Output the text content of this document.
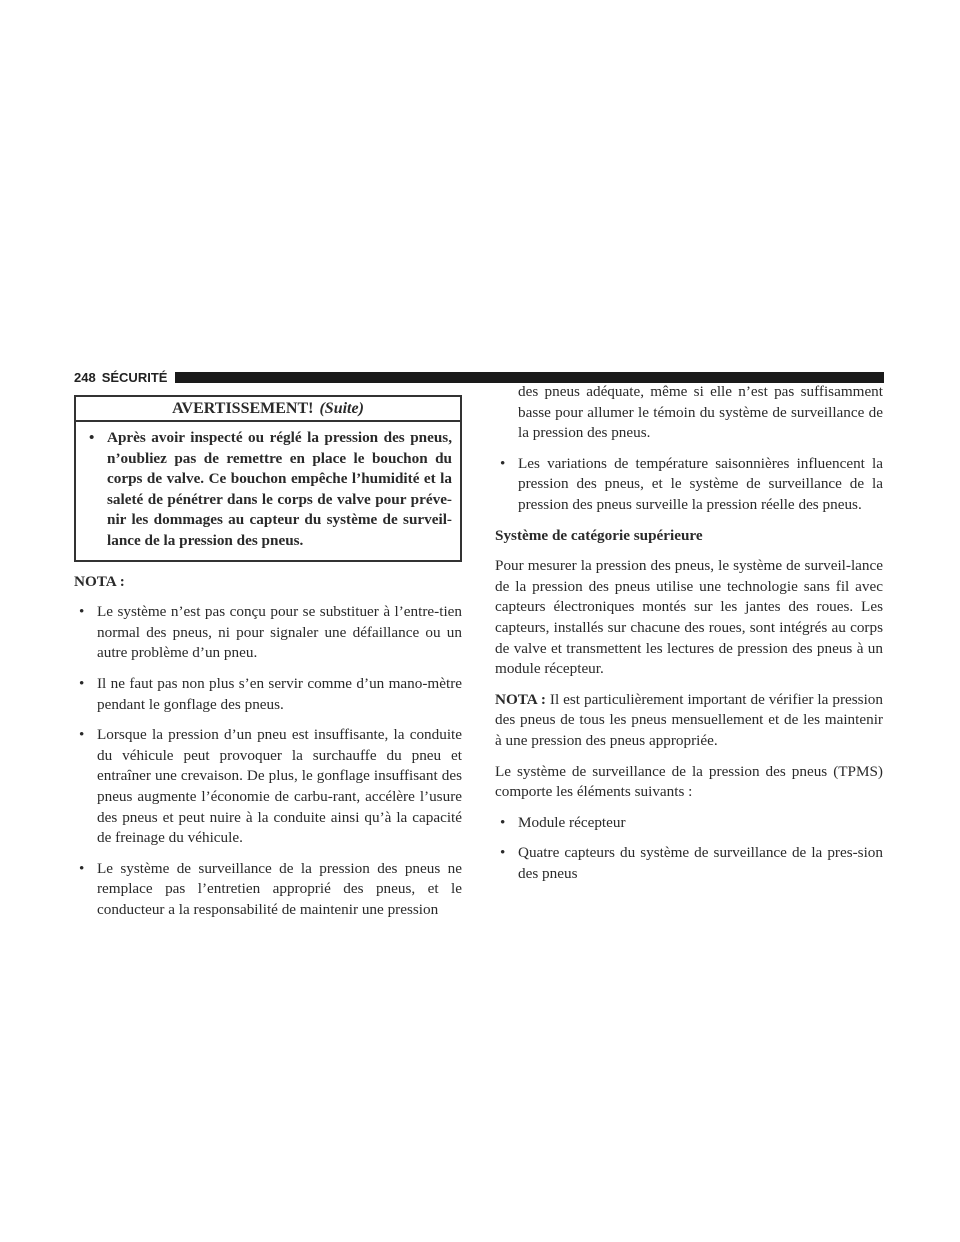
248 SÉCURITÉ
AVERTISSEMENT! (Suite)
• Après avoir inspecté ou réglé la pression des pneus, n’oubliez pas de remettre en place le bouchon du corps de valve. Ce bouchon empêche l’humidité et la saleté de pénétrer dans le corps de valve pour préve-nir les dommages au capteur du système de surveil-lance de la pression des pneus.

NOTA :

• Le système n’est pas conçu pour se substituer à l’entre-tien normal des pneus, ni pour signaler une défaillance ou un autre problème d’un pneu.
• Il ne faut pas non plus s’en servir comme d’un mano-mètre pendant le gonflage des pneus.
• Lorsque la pression d’un pneu est insuffisante, la conduite du véhicule peut provoquer la surchauffe du pneu et entraîner une crevaison. De plus, le gonflage insuffisant des pneus augmente l’économie de carbu-rant, accélère l’usure des pneus et peut nuire à la conduite ainsi qu’à la capacité de freinage du véhicule.
• Le système de surveillance de la pression des pneus ne remplace pas l’entretien approprié des pneus, et le conducteur a la responsabilité de maintenir une pression

des pneus adéquate, même si elle n’est pas suffisamment basse pour allumer le témoin du système de surveillance de la pression des pneus.

• Les variations de température saisonnières influencent la pression des pneus, et le système de surveillance de la pression des pneus surveille la pression réelle des pneus.

Système de catégorie supérieure

Pour mesurer la pression des pneus, le système de surveil-lance de la pression des pneus utilise une technologie sans fil avec capteurs électroniques montés sur les jantes des roues. Les capteurs, installés sur chacune des roues, sont intégrés au corps de valve et transmettent les lectures de pression des pneus à un module récepteur.

NOTA : Il est particulièrement important de vérifier la pression des pneus de tous les pneus mensuellement et de les maintenir à une pression des pneus appropriée.

Le système de surveillance de la pression des pneus (TPMS) comporte les éléments suivants :

• Module récepteur
• Quatre capteurs du système de surveillance de la pres-sion des pneus
